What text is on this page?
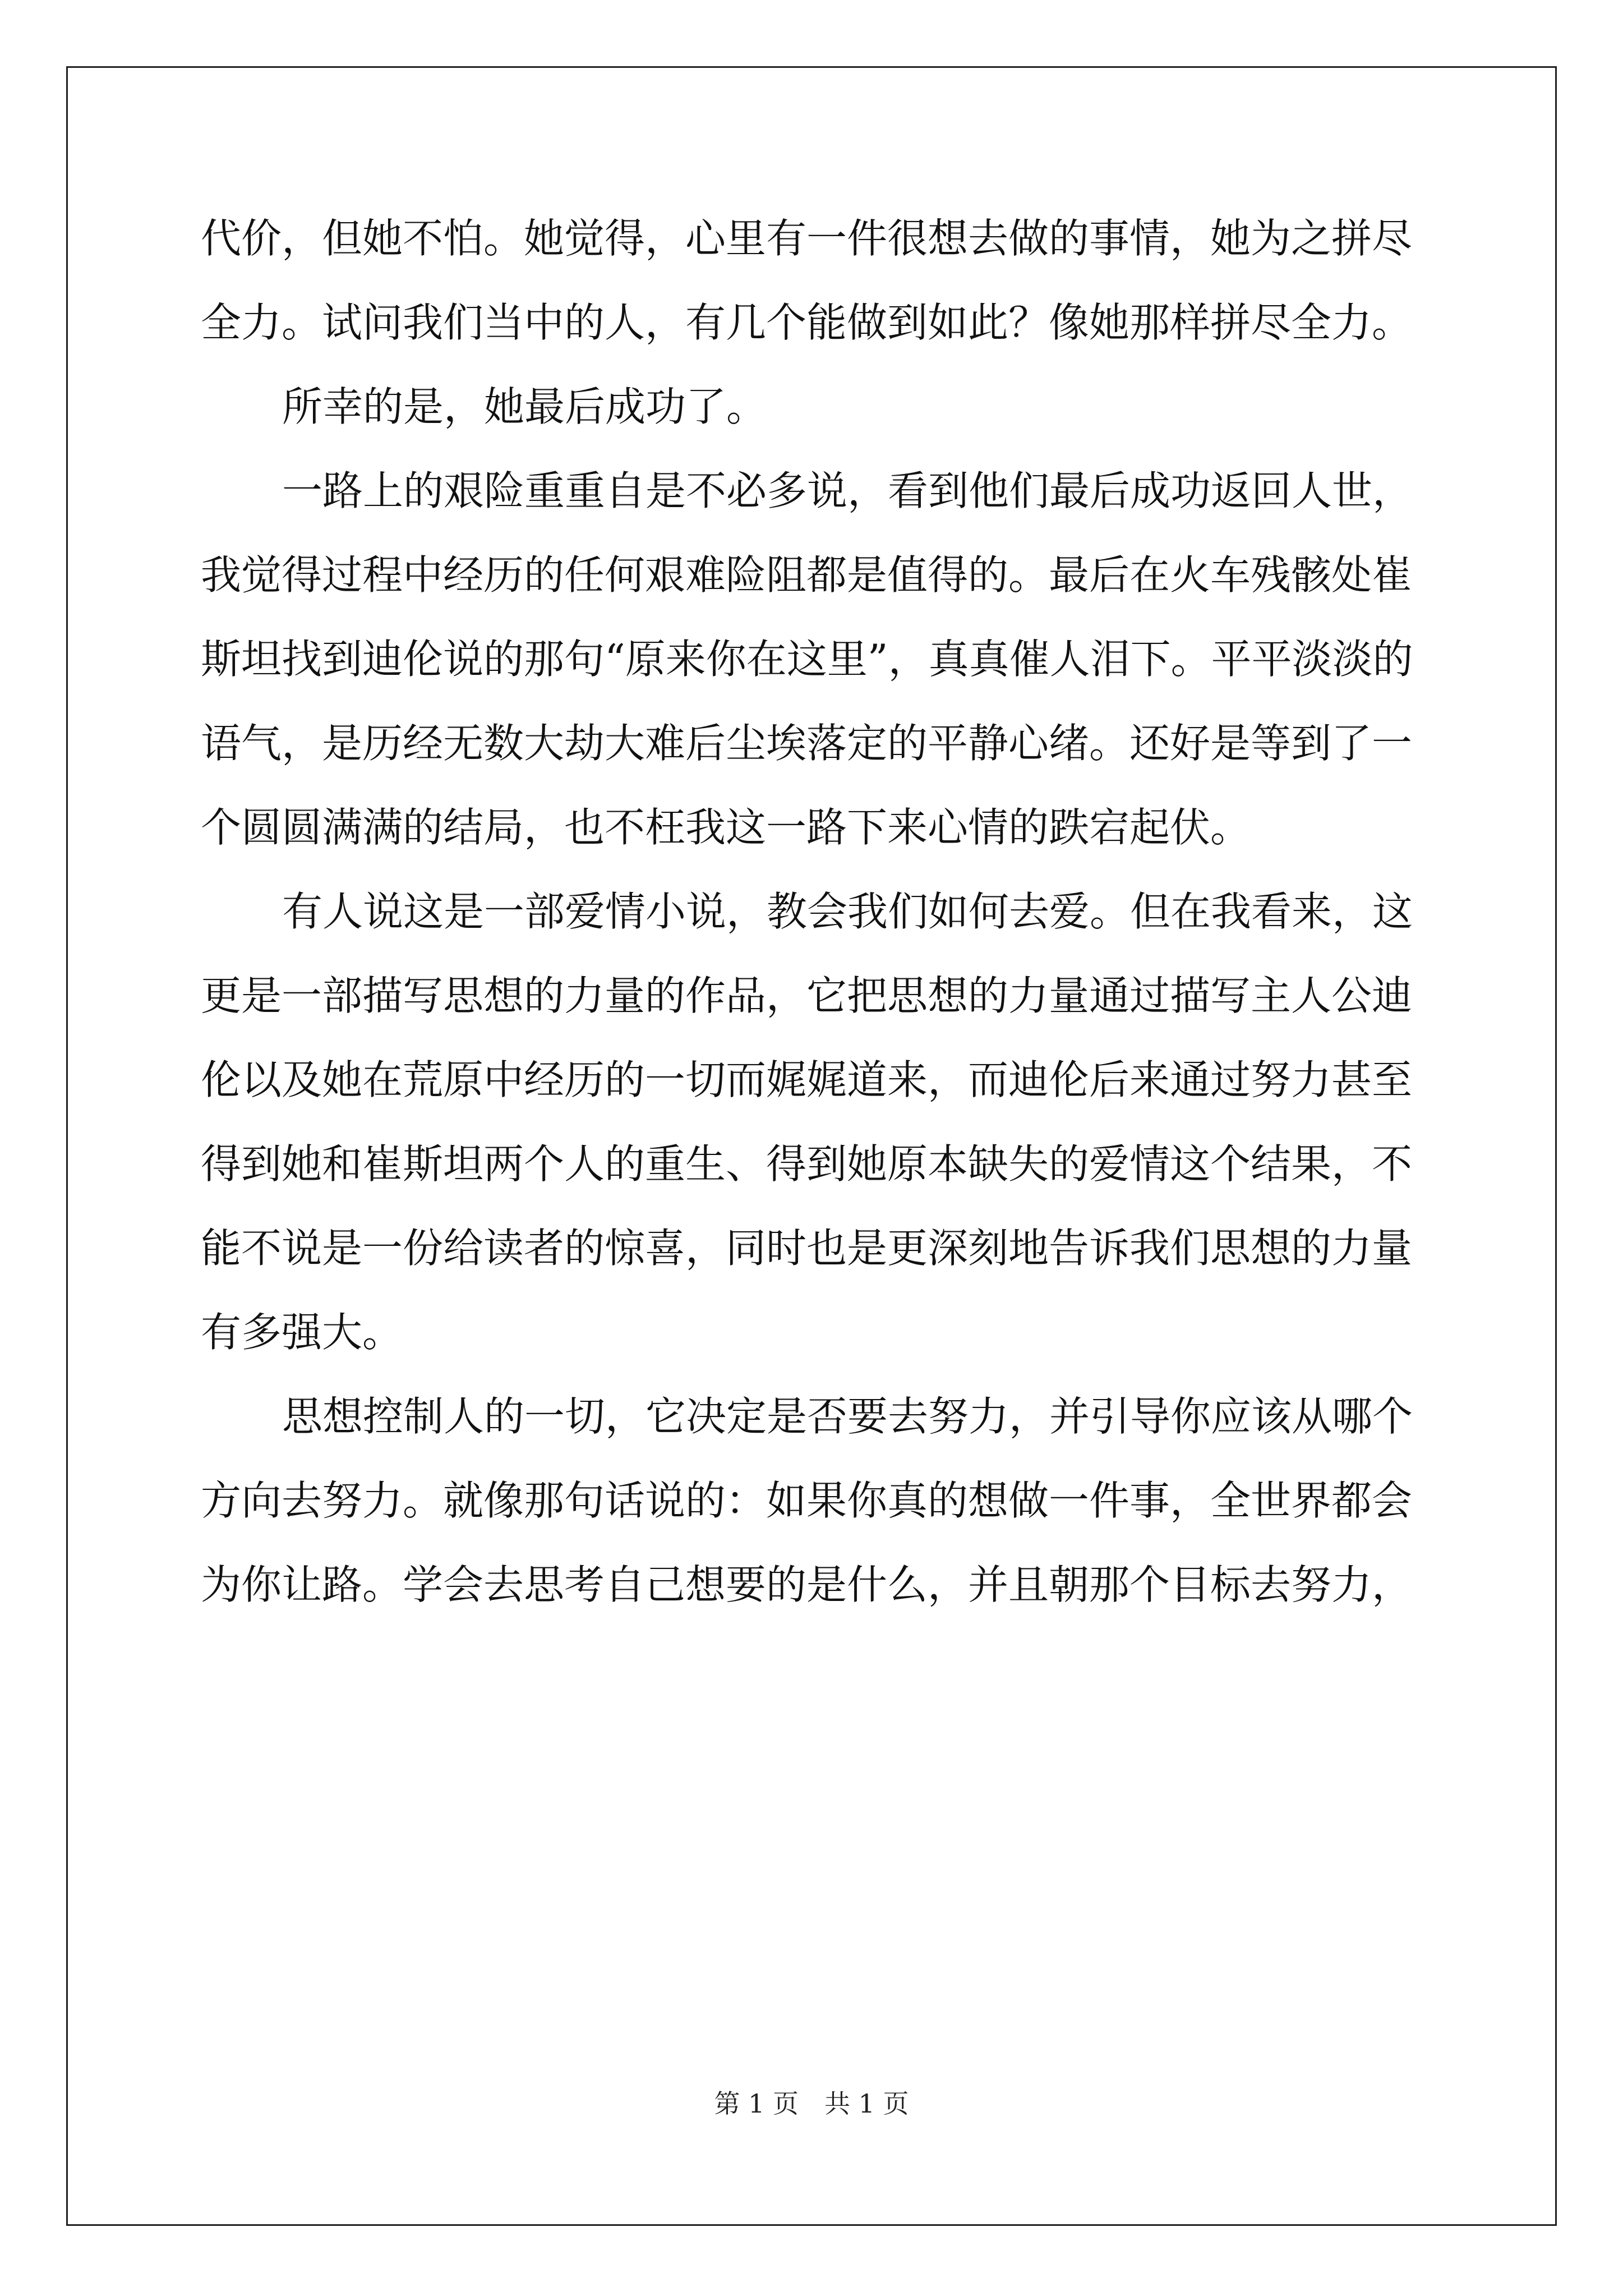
代价，但她不怕。她觉得，心里有一件很想去做的事情，她为之拼尽
全力。试问我们当中的人，有几个能做到如此？像她那样拼尽全力。
所幸的是，她最后成功了。
一路上的艰险重重自是不必多说，看到他们最后成功返回人世，
我觉得过程中经历的任何艰难险阻都是值得的。最后在火车残骸处崔
斯坦找到迪伦说的那句“原来你在这里”，真真催人泪下。平平淡淡的
语气，是历经无数大劫大难后尘埃落定的平静心绪。还好是等到了一
个圆圆满满的结局，也不枉我这一路下来心情的跌宕起伏。
有人说这是一部爱情小说，教会我们如何去爱。但在我看来，这
更是一部描写思想的力量的作品，它把思想的力量通过描写主人公迪
伦以及她在荒原中经历的一切而娓娓道来，而迪伦后来通过努力甚至
得到她和崔斯坦两个人的重生、得到她原本缺失的爱情这个结果，不
能不说是一份给读者的惊喜，同时也是更深刻地告诉我们思想的力量
有多强大。
思想控制人的一切，它决定是否要去努力，并引导你应该从哪个
方向去努力。就像那句话说的：如果你真的想做一件事，全世界都会
为你让路。学会去思考自己想要的是什么，并且朝那个目标去努力，
第 1 页　共 1 页
